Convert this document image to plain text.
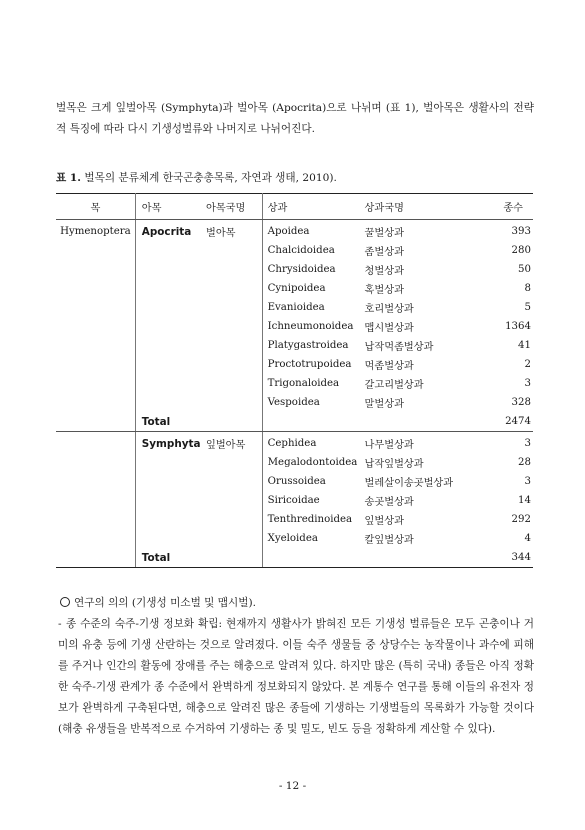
벌목은 크게 잎벌아목 (Symphyta)과 벌아목 (Apocrita)으로 나뉘며 (표 1), 벌아목은 생활사의 전략적 특징에 따라 다시 기생성벌류와 나머지로 나뉘어진다.

표 1. 벌목의 분류체계 한국곤충총목록, 자연과 생태, 2010).

목	아목	아목국명	상과	상과국명	종수
Hymenoptera	Apocrita	벌아목	Apoidea	꿀벌상과	393
			Chalcidoidea	좀벌상과	280
			Chrysidoidea	청벌상과	50
			Cynipoidea	혹벌상과	8
			Evanioidea	호리벌상과	5
			Ichneumonoidea	맵시벌상과	1364
			Platygastroidea	납작먹좀벌상과	41
			Proctotrupoidea	먹좀벌상과	2
			Trigonaloidea	갈고리벌상과	3
			Vespoidea	말벌상과	328
	Total				2474
	Symphyta	잎벌아목	Cephidea	나무벌상과	3
			Megalodontoidea	납작잎벌상과	28
			Orussoidea	벌레살이송곳벌상과	3
			Siricoidae	송곳벌상과	14
			Tenthredinoidea	잎벌상과	292
			Xyeloidea	칼잎벌상과	4
	Total				344

연구의 의의 (기생성 미소벌 및 맵시벌).

- 종 수준의 숙주-기생 정보화 확립: 현재까지 생활사가 밝혀진 모든 기생성 벌류들은 모두 곤충이나 거미의 유충 등에 기생 산란하는 것으로 알려졌다. 이들 숙주 생물들 중 상당수는 농작물이나 과수에 피해를 주거나 인간의 활동에 장애를 주는 해충으로 알려져 있다. 하지만 많은 (특히 국내) 종들은 아직 정확한 숙주-기생 관계가 종 수준에서 완벽하게 정보화되지 않았다. 본 계통수 연구를 통해 이들의 유전자 정보가 완벽하게 구축된다면, 해충으로 알려진 많은 종들에 기생하는 기생벌들의 목록화가 가능할 것이다 (해충 유생들을 반복적으로 수거하여 기생하는 종 및 밀도, 빈도 등을 정확하게 계산할 수 있다).
- 12 -
